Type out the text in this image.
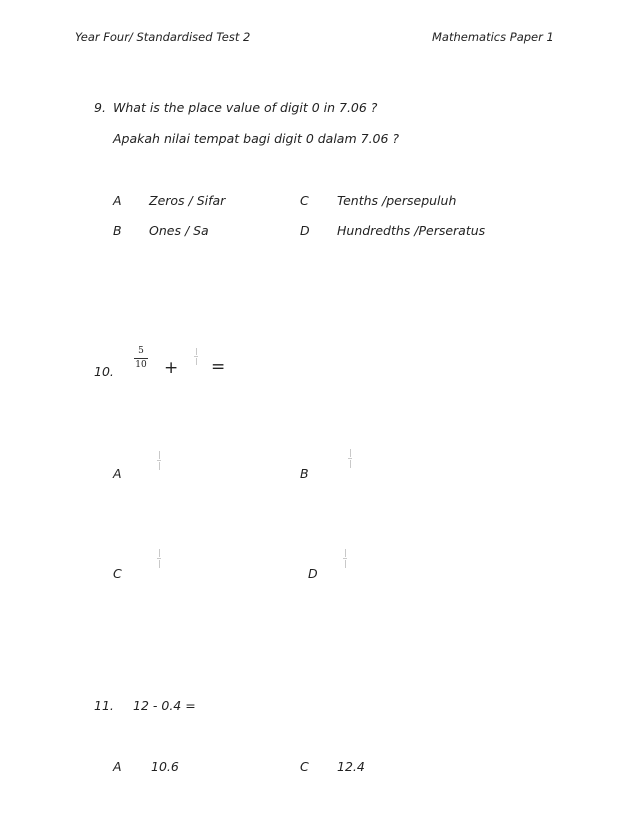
Year Four/ Standardised Test 2	Mathematics Paper 1
9. What is the place value of digit 0 in 7.06 ?
Apakah nilai tempat bagi digit 0 dalam 7.06 ?
A Zeros / Sifar
B Ones / Sa
C Tenths /persepuluh
D Hundredths /Perseratus
10.
5
10 + =
A	B
C	D
11. 12 - 0.4 =
A 10.6	C 12.4
